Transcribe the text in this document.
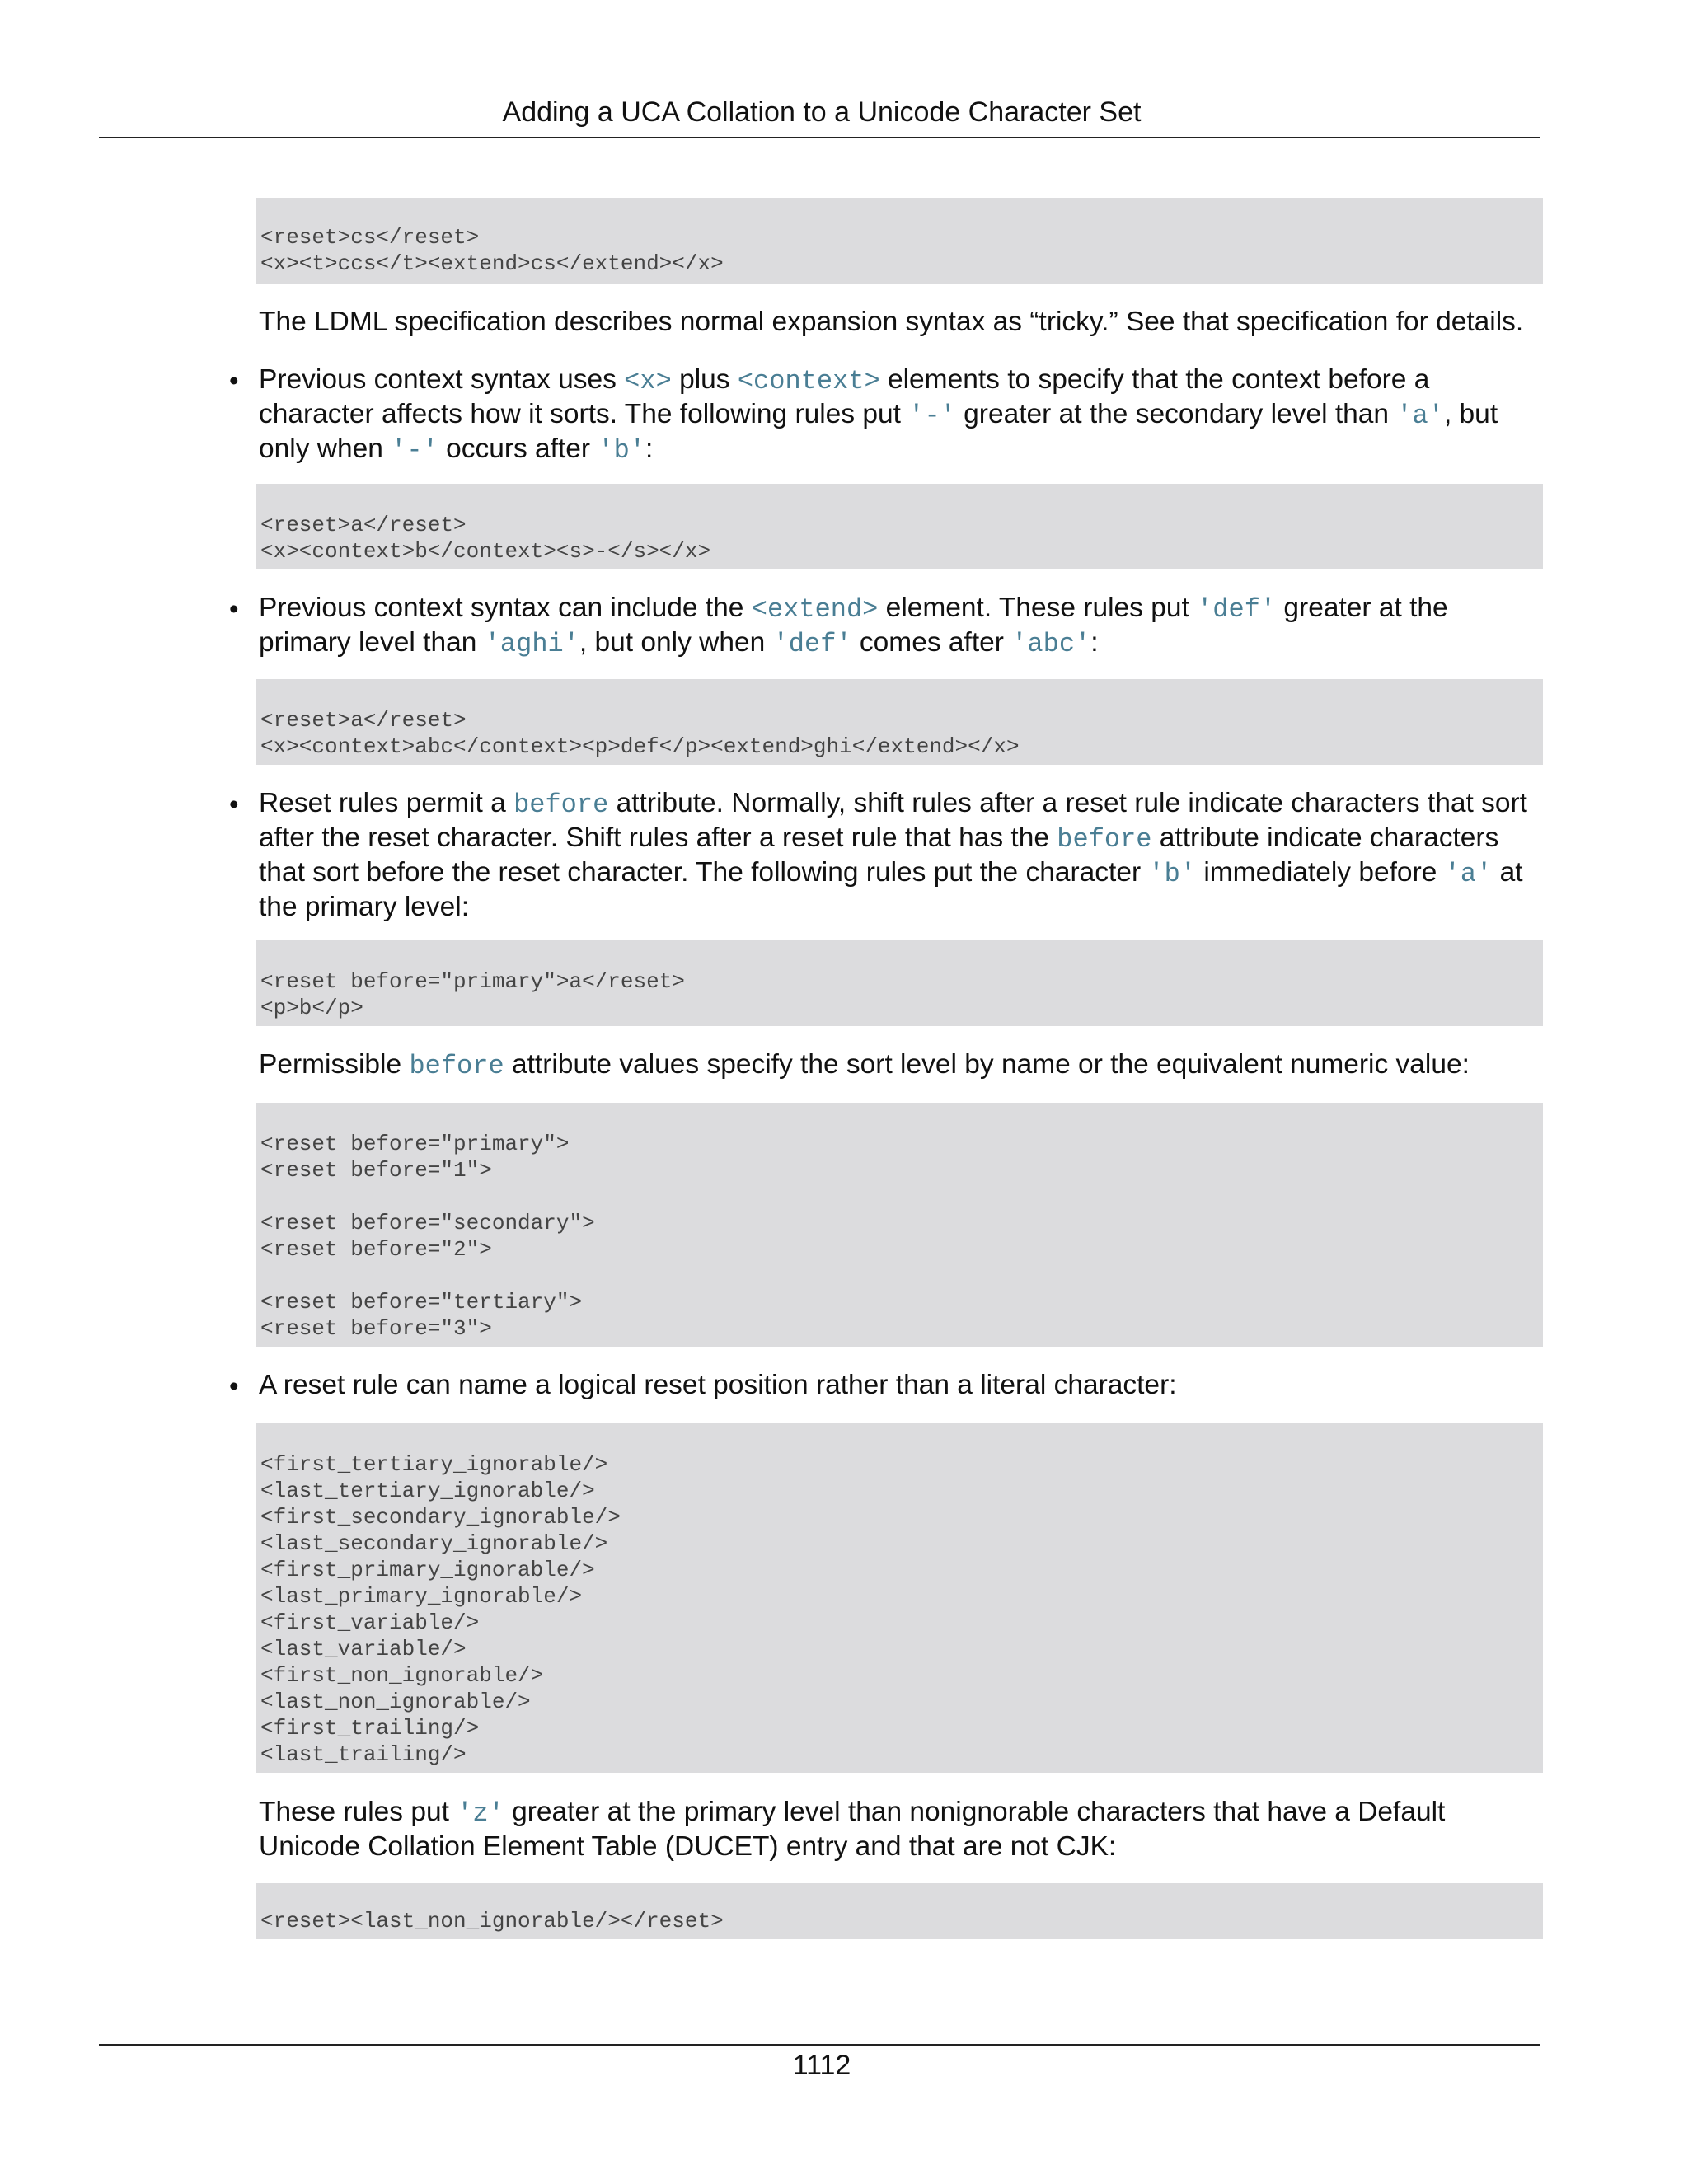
Adding a UCA Collation to a Unicode Character Set
<reset>cs</reset>
<x><t>ccs</t><extend>cs</extend></x>

The LDML specification describes normal expansion syntax as “tricky.” See that specification for details.

• Previous context syntax uses <x> plus <context> elements to specify that the context before a character affects how it sorts. The following rules put '-' greater at the secondary level than 'a', but only when '-' occurs after 'b':

<reset>a</reset>
<x><context>b</context><s>-</s></x>
• Previous context syntax can include the <extend> element. These rules put 'def' greater at the primary level than 'aghi', but only when 'def' comes after 'abc':

<reset>a</reset>
<x><context>abc</context><p>def</p><extend>ghi</extend></x>
• Reset rules permit a before attribute. Normally, shift rules after a reset rule indicate characters that sort after the reset character. Shift rules after a reset rule that has the before attribute indicate characters that sort before the reset character. The following rules put the character 'b' immediately before 'a' at the primary level:

<reset before="primary">a</reset>
<p>b</p>

Permissible before attribute values specify the sort level by name or the equivalent numeric value:

<reset before="primary">
<reset before="1">

<reset before="secondary">
<reset before="2">

<reset before="tertiary">
<reset before="3">
• A reset rule can name a logical reset position rather than a literal character:

<first_tertiary_ignorable/>
<last_tertiary_ignorable/>
<first_secondary_ignorable/>
<last_secondary_ignorable/>
<first_primary_ignorable/>
<last_primary_ignorable/>
<first_variable/>
<last_variable/>
<first_non_ignorable/>
<last_non_ignorable/>
<first_trailing/>
<last_trailing/>

These rules put 'z' greater at the primary level than nonignorable characters that have a Default Unicode Collation Element Table (DUCET) entry and that are not CJK:

<reset><last_non_ignorable/></reset>
1112
